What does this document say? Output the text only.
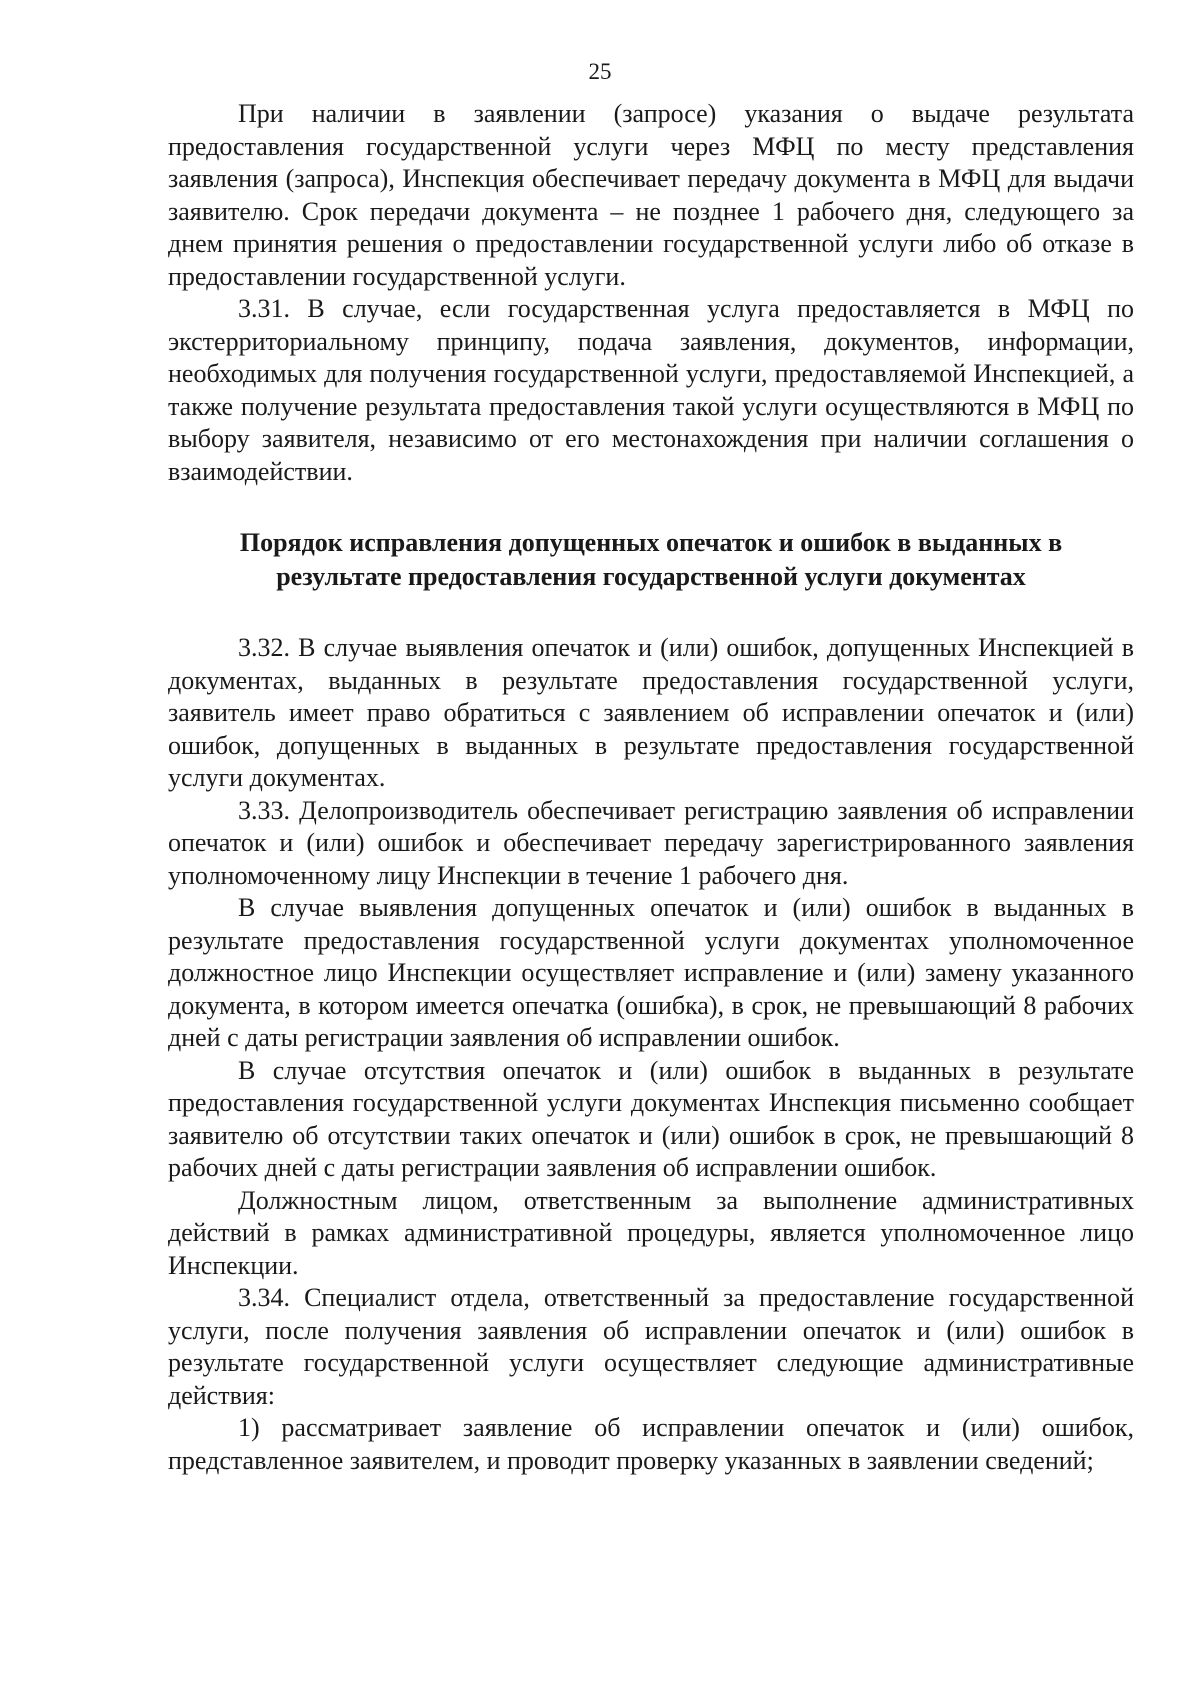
25

При наличии в заявлении (запросе) указания о выдаче результата предоставления государственной услуги через МФЦ по месту представления заявления (запроса), Инспекция обеспечивает передачу документа в МФЦ для выдачи заявителю. Срок передачи документа – не позднее 1 рабочего дня, следующего за днем принятия решения о предоставлении государственной услуги либо об отказе в предоставлении государственной услуги.

3.31. В случае, если государственная услуга предоставляется в МФЦ по экстерриториальному принципу, подача заявления, документов, информации, необходимых для получения государственной услуги, предоставляемой Инспекцией, а также получение результата предоставления такой услуги осуществляются в МФЦ по выбору заявителя, независимо от его местонахождения при наличии соглашения о взаимодействии.

Порядок исправления допущенных опечаток и ошибок в выданных в
результате предоставления государственной услуги документах

3.32. В случае выявления опечаток и (или) ошибок, допущенных Инспекцией в документах, выданных в результате предоставления государственной услуги, заявитель имеет право обратиться с заявлением об исправлении опечаток и (или) ошибок, допущенных в выданных в результате предоставления государственной услуги документах.

3.33. Делопроизводитель обеспечивает регистрацию заявления об исправлении опечаток и (или) ошибок и обеспечивает передачу зарегистрированного заявления уполномоченному лицу Инспекции в течение 1 рабочего дня.

В случае выявления допущенных опечаток и (или) ошибок в выданных в результате предоставления государственной услуги документах уполномоченное должностное лицо Инспекции осуществляет исправление и (или) замену указанного документа, в котором имеется опечатка (ошибка), в срок, не превышающий 8 рабочих дней с даты регистрации заявления об исправлении ошибок.

В случае отсутствия опечаток и (или) ошибок в выданных в результате предоставления государственной услуги документах Инспекция письменно сообщает заявителю об отсутствии таких опечаток и (или) ошибок в срок, не превышающий 8 рабочих дней с даты регистрации заявления об исправлении ошибок.

Должностным лицом, ответственным за выполнение административных действий в рамках административной процедуры, является уполномоченное лицо Инспекции.

3.34. Специалист отдела, ответственный за предоставление государственной услуги, после получения заявления об исправлении опечаток и (или) ошибок в результате государственной услуги осуществляет следующие административные действия:

1) рассматривает заявление об исправлении опечаток и (или) ошибок, представленное заявителем, и проводит проверку указанных в заявлении сведений;
